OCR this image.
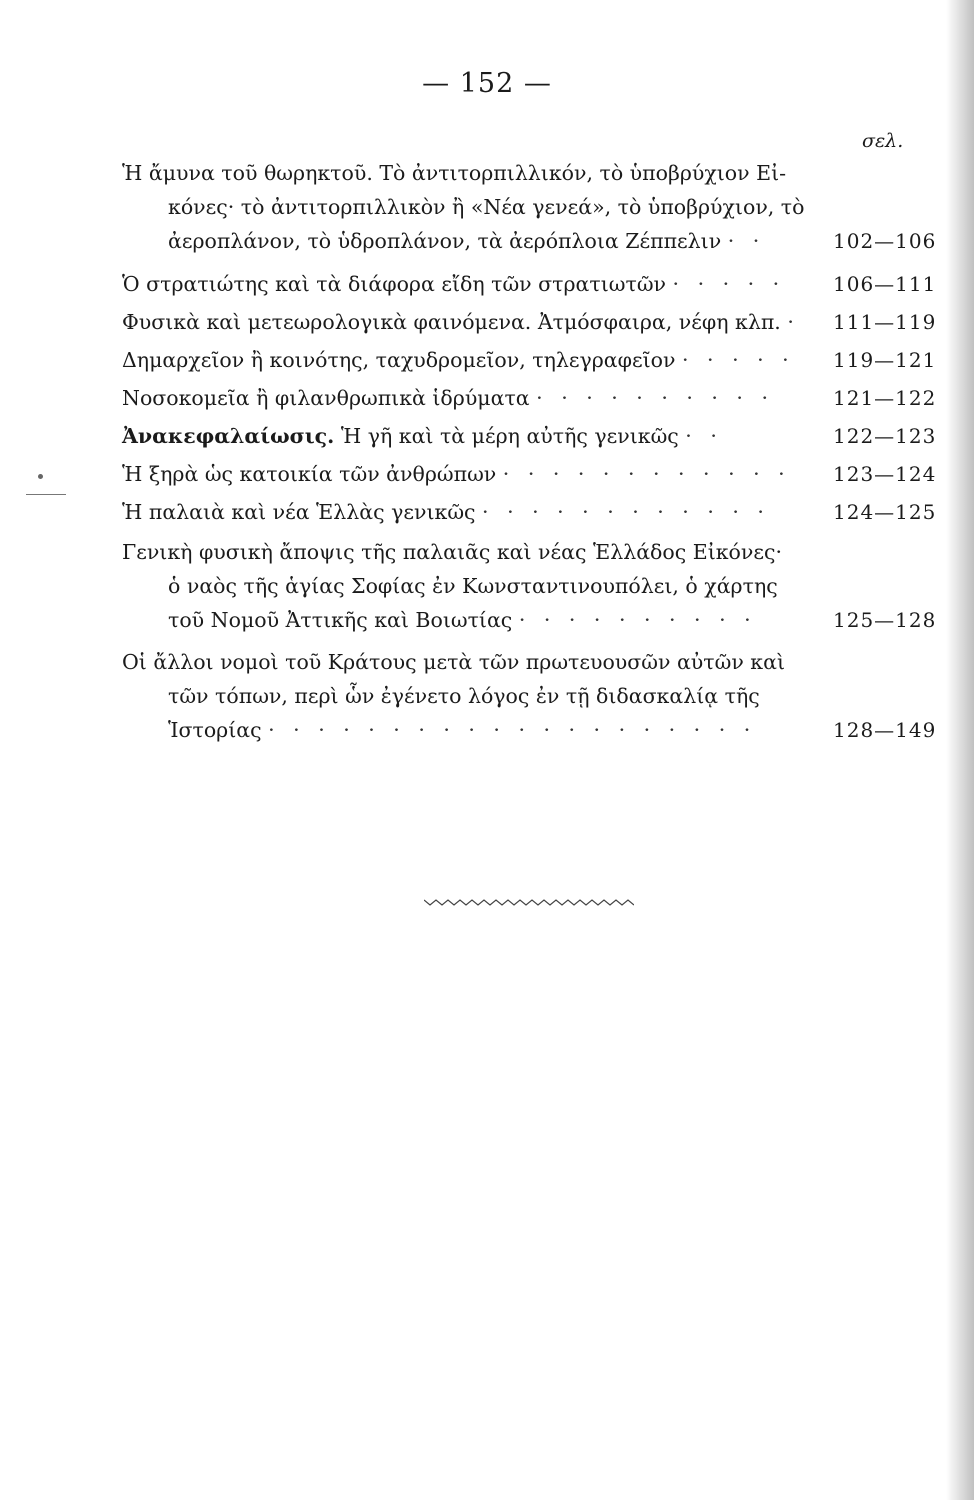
— 152 —
σελ.
Ἡ ἄμυνα τοῦ θωρηκτοῦ. Τὸ ἀντιτορπιλλικόν, τὸ ὑποβρύχιον Εἰ-
κόνες· τὸ ἀντιτορπιλλικὸν ἢ «Νέα γενεά», τὸ ὑποβρύχιον, τὸ
ἀεροπλάνον, τὸ ὑδροπλάνον, τὰ ἀερόπλοια Ζέππελιν · ·	102—106
Ὁ στρατιώτης καὶ τὰ διάφορα εἴδη τῶν στρατιωτῶν · · · · · 106—111
Φυσικὰ καὶ μετεωρολογικὰ φαινόμενα. Ἀτμόσφαιρα, νέφη κλπ. · 111—119
Δημαρχεῖον ἢ κοινότης, ταχυδρομεῖον, τηλεγραφεῖον · · · · · 119—121
Νοσοκομεῖα ἢ φιλανθρωπικὰ ἱδρύματα · · · · · · · · · ·	121—122
Ἀνακεφαλαίωσις. Ἡ γῆ καὶ τὰ μέρη αὐτῆς γενικῶς · ·	122—123
Ἡ ξηρὰ ὡς κατοικία τῶν ἀνθρώπων · · · · · · · · · · · · 123—124
Ἡ παλαιὰ καὶ νέα Ἑλλὰς γενικῶς · · · · · · · · · · · ·	124—125
Γενικὴ φυσικὴ ἄποψις τῆς παλαιᾶς καὶ νέας Ἑλλάδος Εἰκόνες·
ὁ ναὸς τῆς ἁγίας Σοφίας ἐν Κωνσταντινουπόλει, ὁ χάρτης
τοῦ Νομοῦ Ἀττικῆς καὶ Βοιωτίας · · · · · · · · · ·	125—128
Οἱ ἄλλοι νομοὶ τοῦ Κράτους μετὰ τῶν πρωτευουσῶν αὐτῶν καὶ
τῶν τόπων, περὶ ὧν ἐγένετο λόγος ἐν τῇ διδασκαλίᾳ τῆς
Ἱστορίας · · · · · · · · · · · · · · · · · · · ·	128—149
